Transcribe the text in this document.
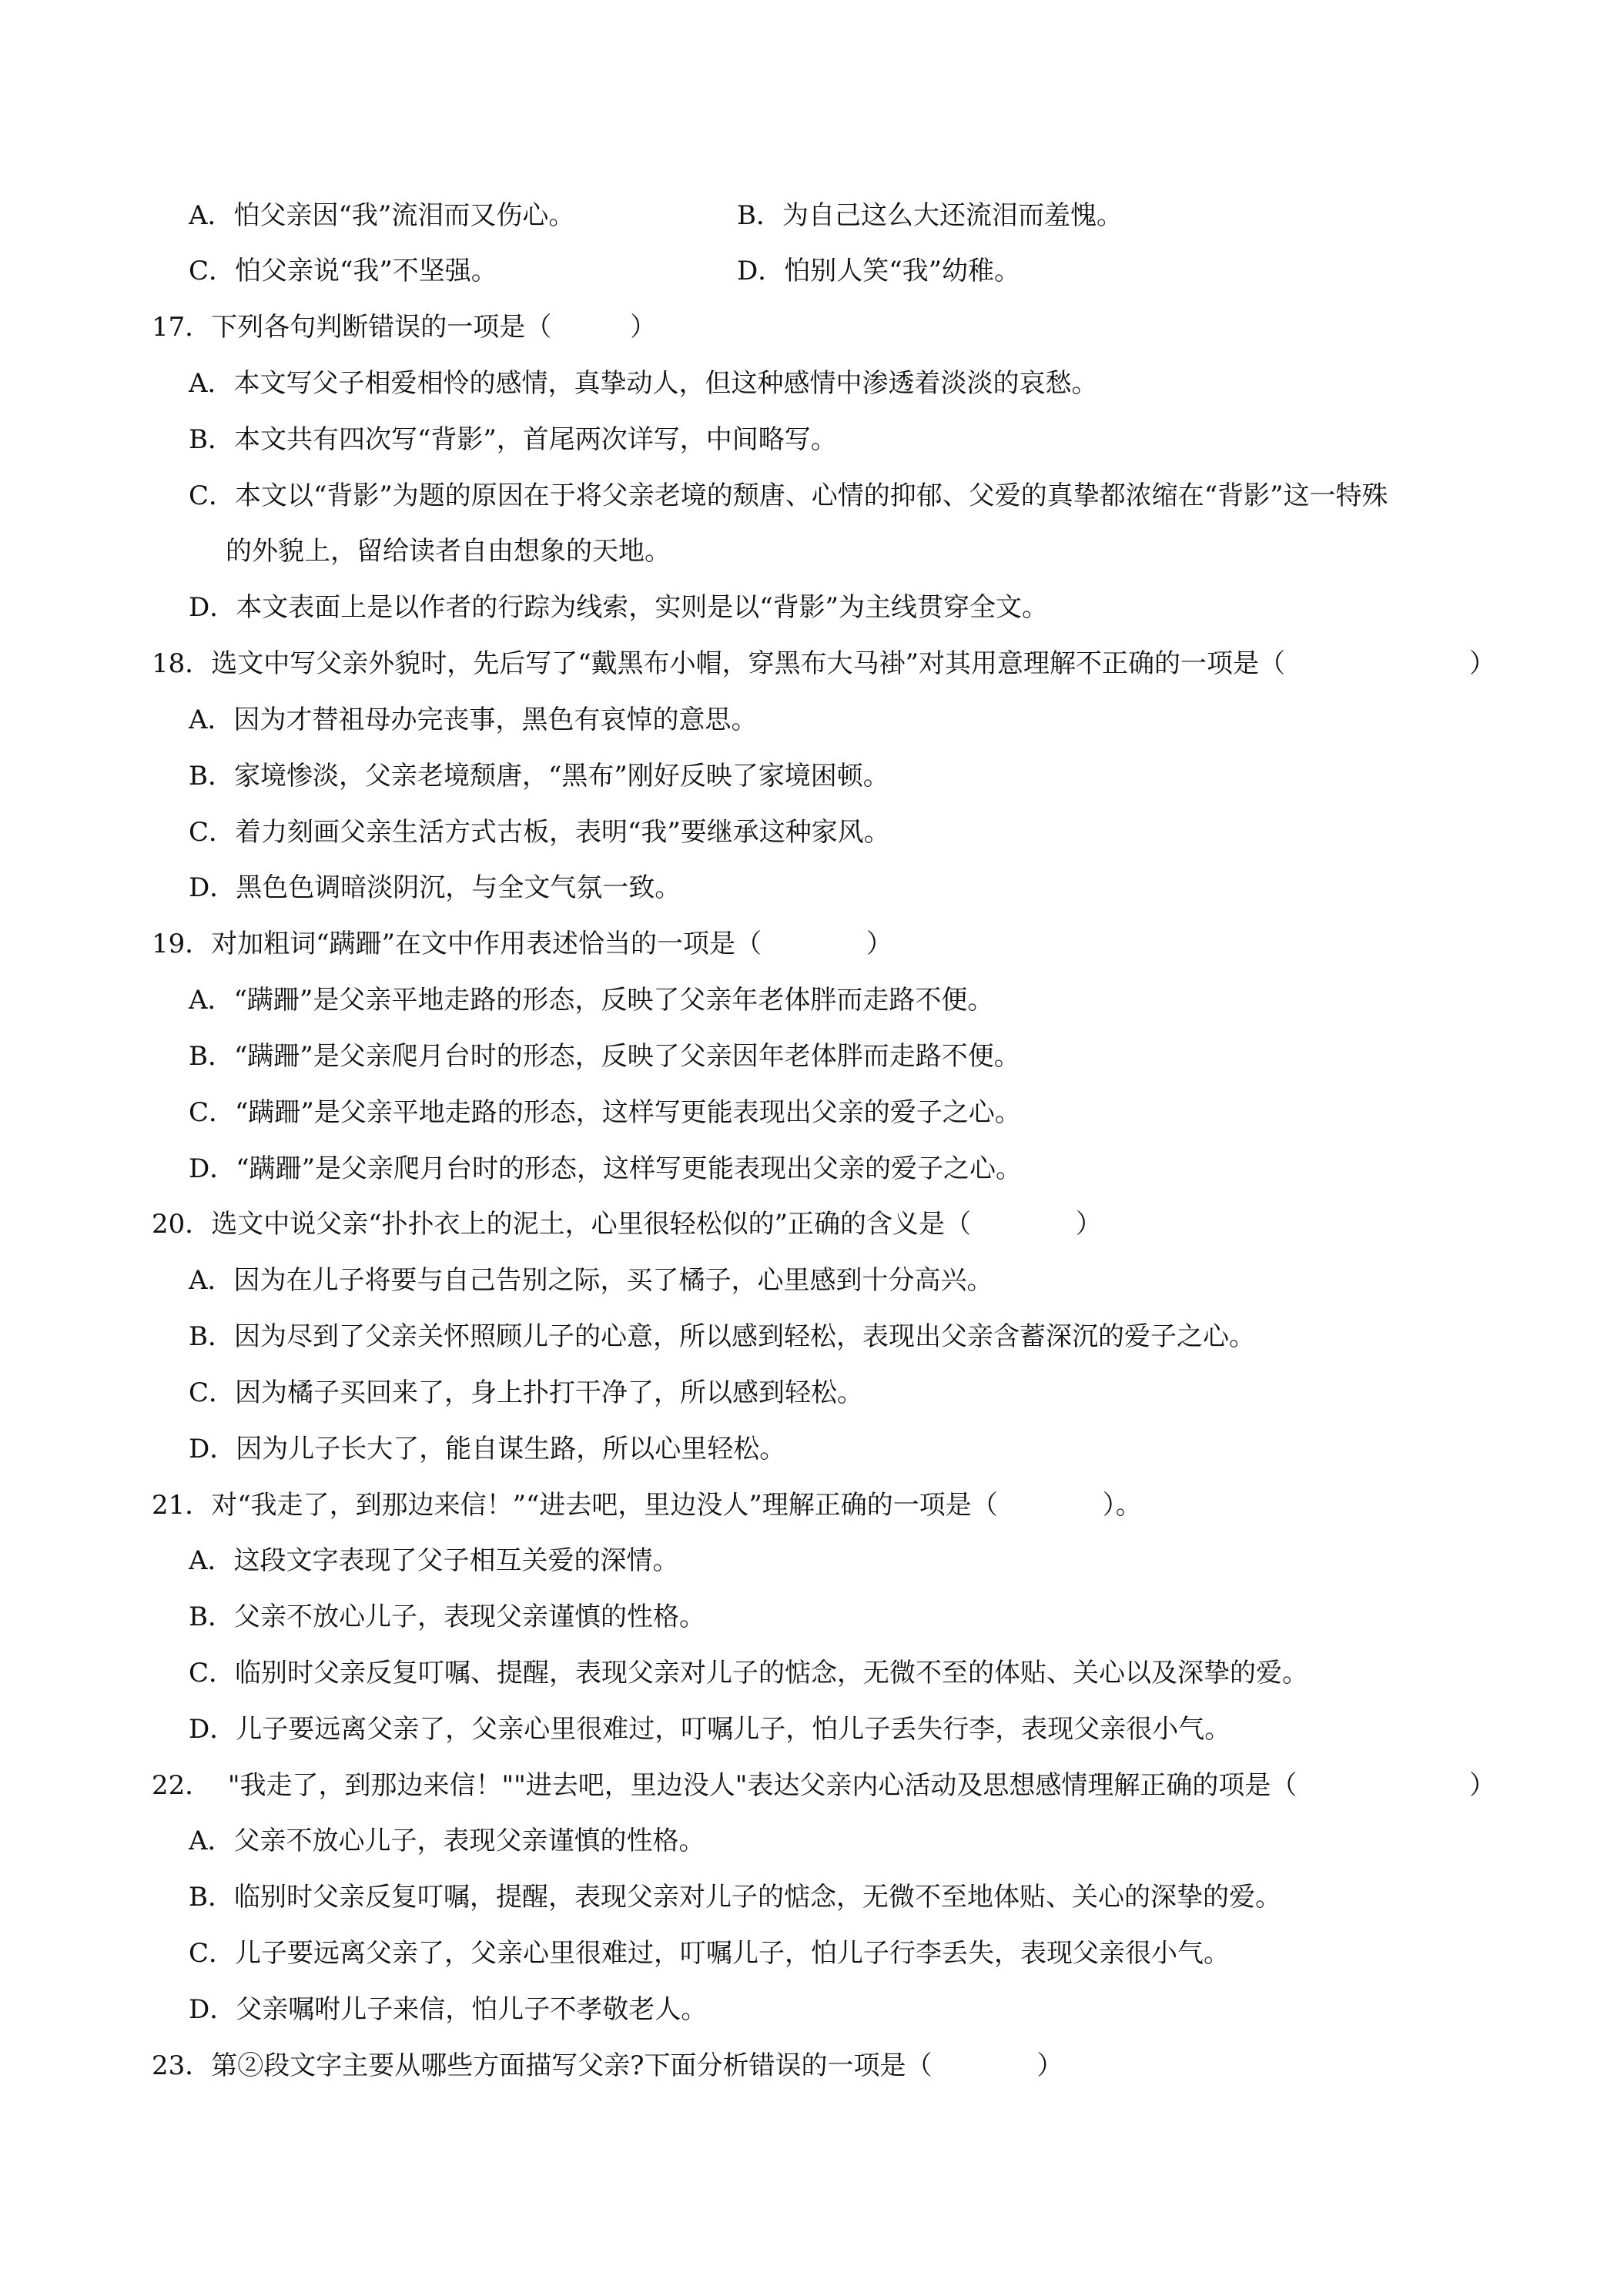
A．怕父亲因“我”流泪而又伤心。	B．为自己这么大还流泪而羞愧。
C．怕父亲说“我”不坚强。	D．怕别人笑“我”幼稚。
17．下列各句判断错误的一项是（　　　）
A．本文写父子相爱相怜的感情，真挚动人，但这种感情中渗透着淡淡的哀愁。
B．本文共有四次写“背影”，首尾两次详写，中间略写。
C．本文以“背影”为题的原因在于将父亲老境的颓唐、心情的抑郁、父爱的真挚都浓缩在“背影”这一特殊
的外貌上，留给读者自由想象的天地。
D．本文表面上是以作者的行踪为线索，实则是以“背影”为主线贯穿全文。
18．选文中写父亲外貌时，先后写了“戴黑布小帽，穿黑布大马褂”对其用意理解不正确的一项是（	）
A．因为才替祖母办完丧事，黑色有哀悼的意思。
B．家境惨淡，父亲老境颓唐，“黑布”刚好反映了家境困顿。
C．着力刻画父亲生活方式古板，表明“我”要继承这种家风。
D．黑色色调暗淡阴沉，与全文气氛一致。
19．对加粗词“蹒跚”在文中作用表述恰当的一项是（　　　　）
A．“蹒跚”是父亲平地走路的形态，反映了父亲年老体胖而走路不便。
B．“蹒跚”是父亲爬月台时的形态，反映了父亲因年老体胖而走路不便。
C．“蹒跚”是父亲平地走路的形态，这样写更能表现出父亲的爱子之心。
D．“蹒跚”是父亲爬月台时的形态，这样写更能表现出父亲的爱子之心。
20．选文中说父亲“扑扑衣上的泥土，心里很轻松似的”正确的含义是（　　　　）
A．因为在儿子将要与自己告别之际，买了橘子，心里感到十分高兴。
B．因为尽到了父亲关怀照顾儿子的心意，所以感到轻松，表现出父亲含蓄深沉的爱子之心。
C．因为橘子买回来了，身上扑打干净了，所以感到轻松。
D．因为儿子长大了，能自谋生路，所以心里轻松。
21．对“我走了，到那边来信！”“进去吧，里边没人”理解正确的一项是（　　　　）。
A．这段文字表现了父子相互关爱的深情。
B．父亲不放心儿子，表现父亲谨慎的性格。
C．临别时父亲反复叮嘱、提醒，表现父亲对儿子的惦念，无微不至的体贴、关心以及深挚的爱。
D．儿子要远离父亲了，父亲心里很难过，叮嘱儿子，怕儿子丢失行李，表现父亲很小气。
22．  "我走了，到那边来信！""进去吧，里边没人"表达父亲内心活动及思想感情理解正确的项是（	）
A．父亲不放心儿子，表现父亲谨慎的性格。
B．临别时父亲反复叮嘱，提醒，表现父亲对儿子的惦念，无微不至地体贴、关心的深挚的爱。
C．儿子要远离父亲了，父亲心里很难过，叮嘱儿子，怕儿子行李丢失，表现父亲很小气。
D．父亲嘱咐儿子来信，怕儿子不孝敬老人。
23．第②段文字主要从哪些方面描写父亲?下面分析错误的一项是（　　　　）
